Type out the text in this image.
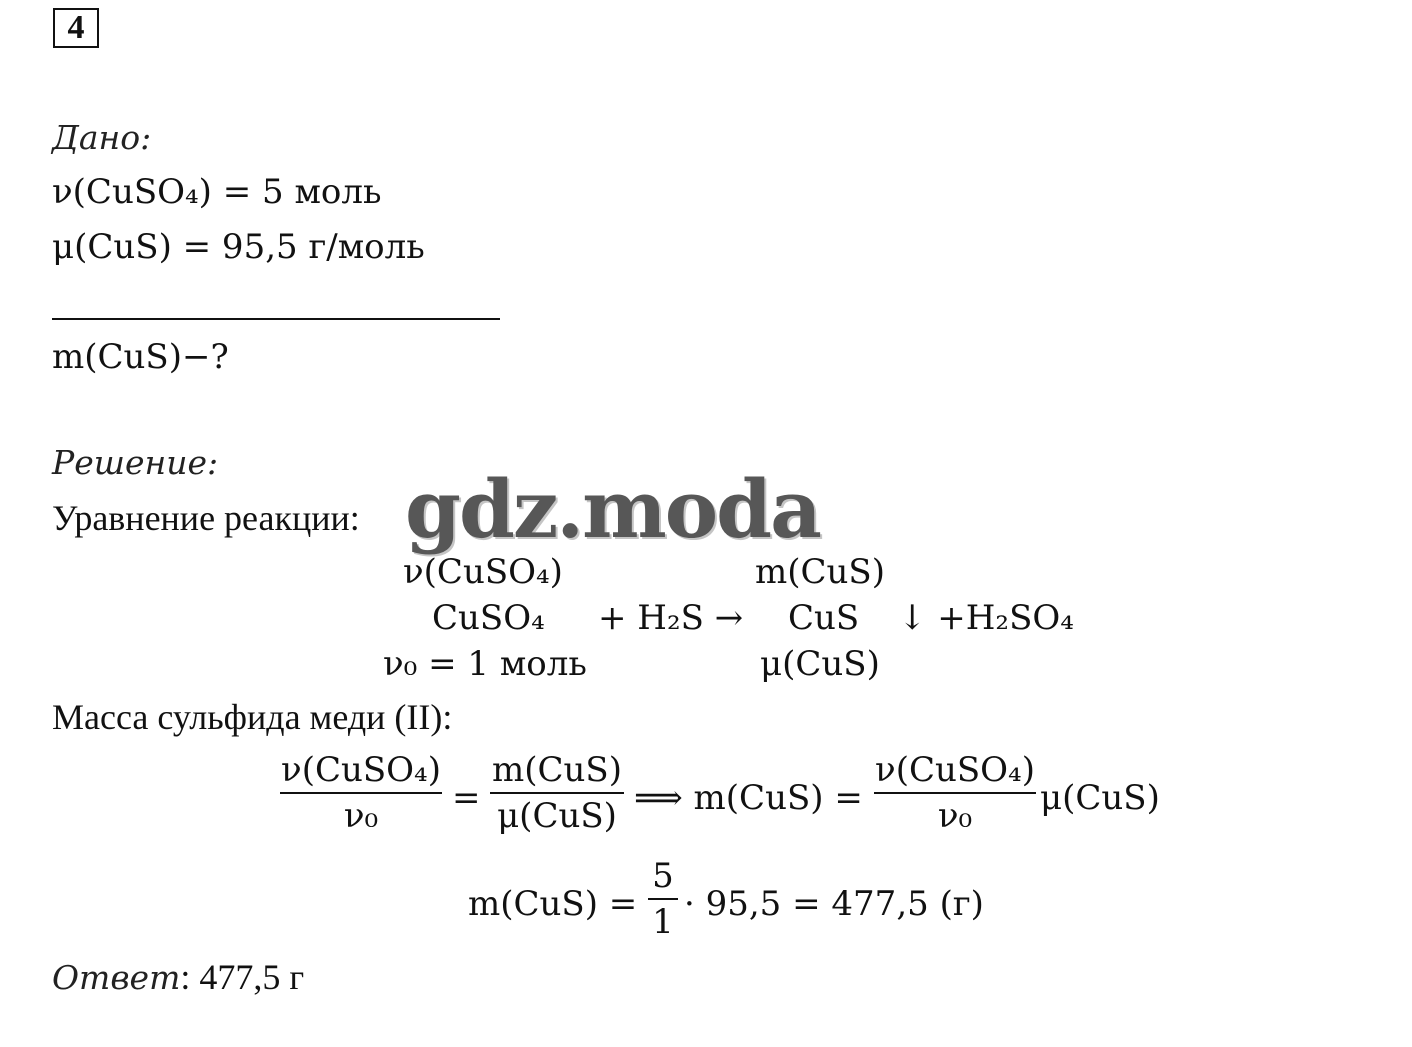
4
Дано:
ν(CuSO₄) = 5 моль
μ(CuS) = 95,5 г/моль
m(CuS)−?
Решение:
Уравнение реакции: gdz.moda
ν(CuSO₄)	m(CuS)
CuSO₄ + H₂S → CuS ↓ +H₂SO₄
ν₀ = 1 моль	μ(CuS)
Масса сульфида меди (II):
ν(CuSO₄)
ν₀	=
m(CuS)
μ(CuS) ⟹ m(CuS) =
ν(CuSO₄)
ν₀	μ(CuS)
m(CuS) =
5
1 · 95,5 = 477,5 (г)
Ответ: 477,5 г
